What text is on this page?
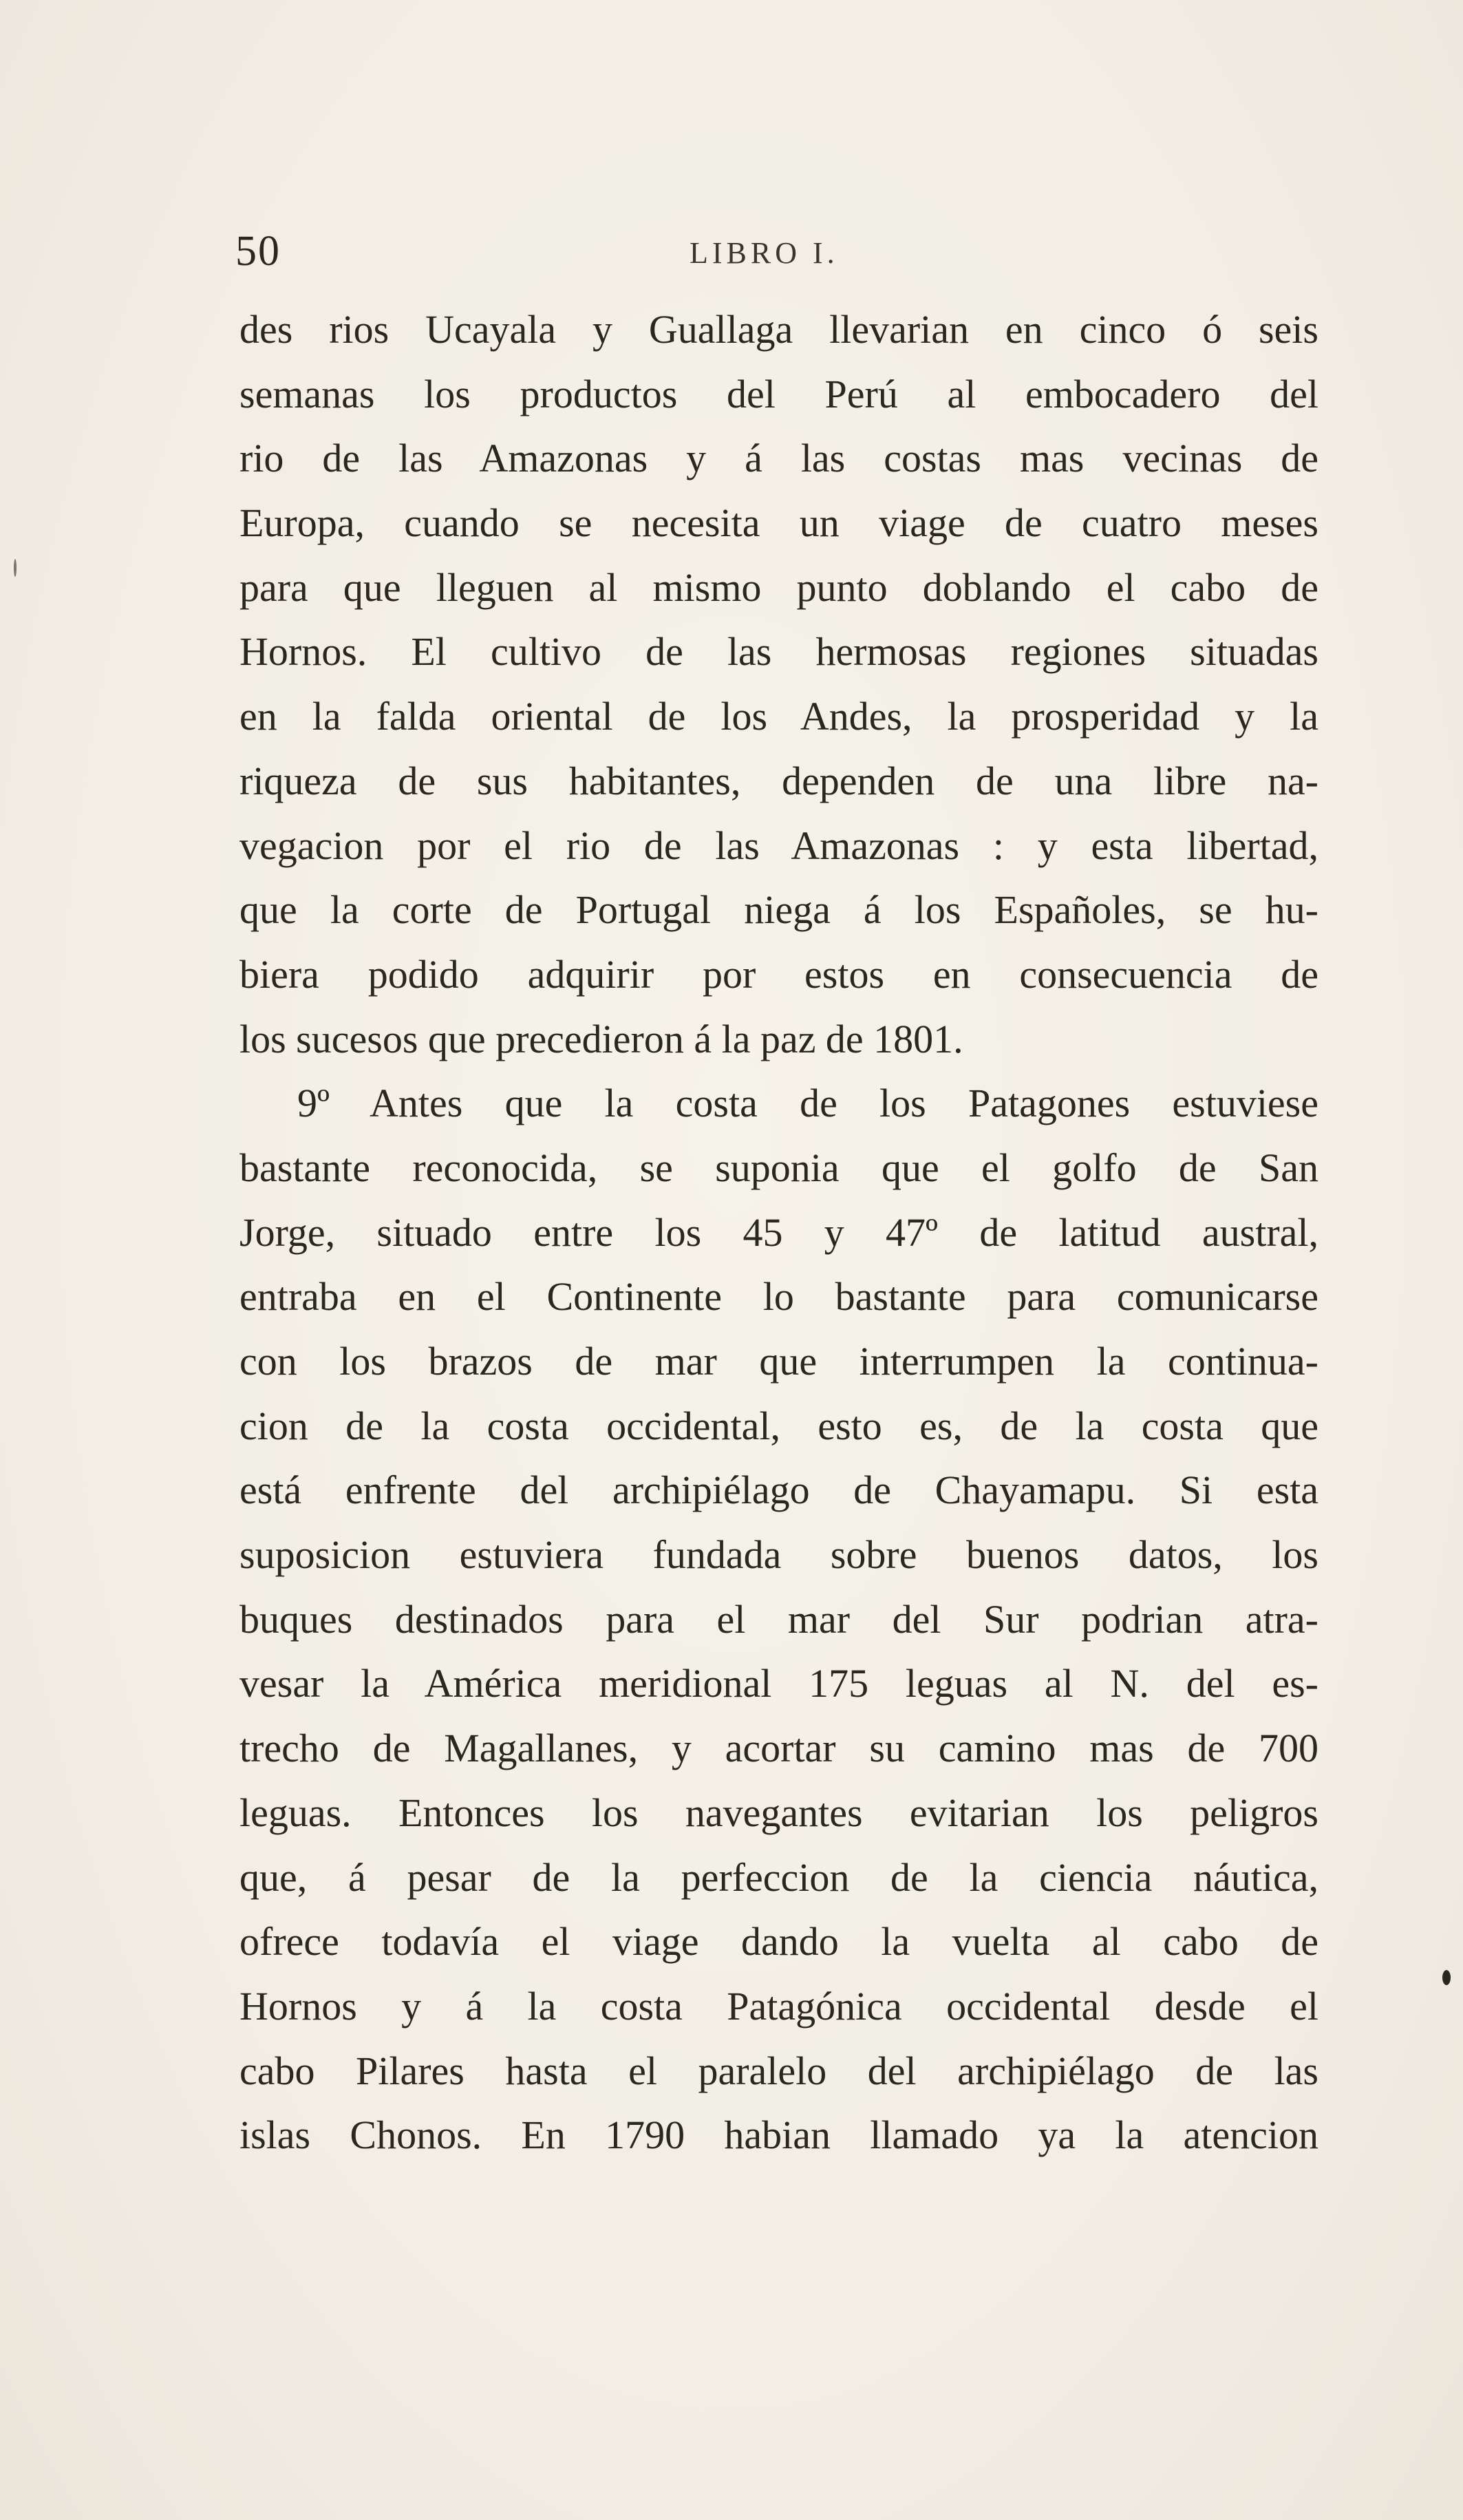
50	LIBRO I.
des rios Ucayala y Guallaga llevarian en cinco ó seis
semanas los productos del Perú al embocadero del
rio de las Amazonas y á las costas mas vecinas de
Europa, cuando se necesita un viage de cuatro meses
para que lleguen al mismo punto doblando el cabo de
Hornos. El cultivo de las hermosas regiones situadas
en la falda oriental de los Andes, la prosperidad y la
riqueza de sus habitantes, dependen de una libre na-
vegacion por el rio de las Amazonas : y esta libertad,
que la corte de Portugal niega á los Españoles, se hu-
biera podido adquirir por estos en consecuencia de
los sucesos que precedieron á la paz de 1801.
9º Antes que la costa de los Patagones estuviese
bastante reconocida, se suponia que el golfo de San
Jorge, situado entre los 45 y 47º de latitud austral,
entraba en el Continente lo bastante para comunicarse
con los brazos de mar que interrumpen la continua-
cion de la costa occidental, esto es, de la costa que
está enfrente del archipiélago de Chayamapu. Si esta
suposicion estuviera fundada sobre buenos datos, los
buques destinados para el mar del Sur podrian atra-
vesar la América meridional 175 leguas al N. del es-
trecho de Magallanes, y acortar su camino mas de 700
leguas. Entonces los navegantes evitarian los peligros
que, á pesar de la perfeccion de la ciencia náutica,
ofrece todavía el viage dando la vuelta al cabo de
Hornos y á la costa Patagónica occidental desde el
cabo Pilares hasta el paralelo del archipiélago de las
islas Chonos. En 1790 habian llamado ya la atencion
